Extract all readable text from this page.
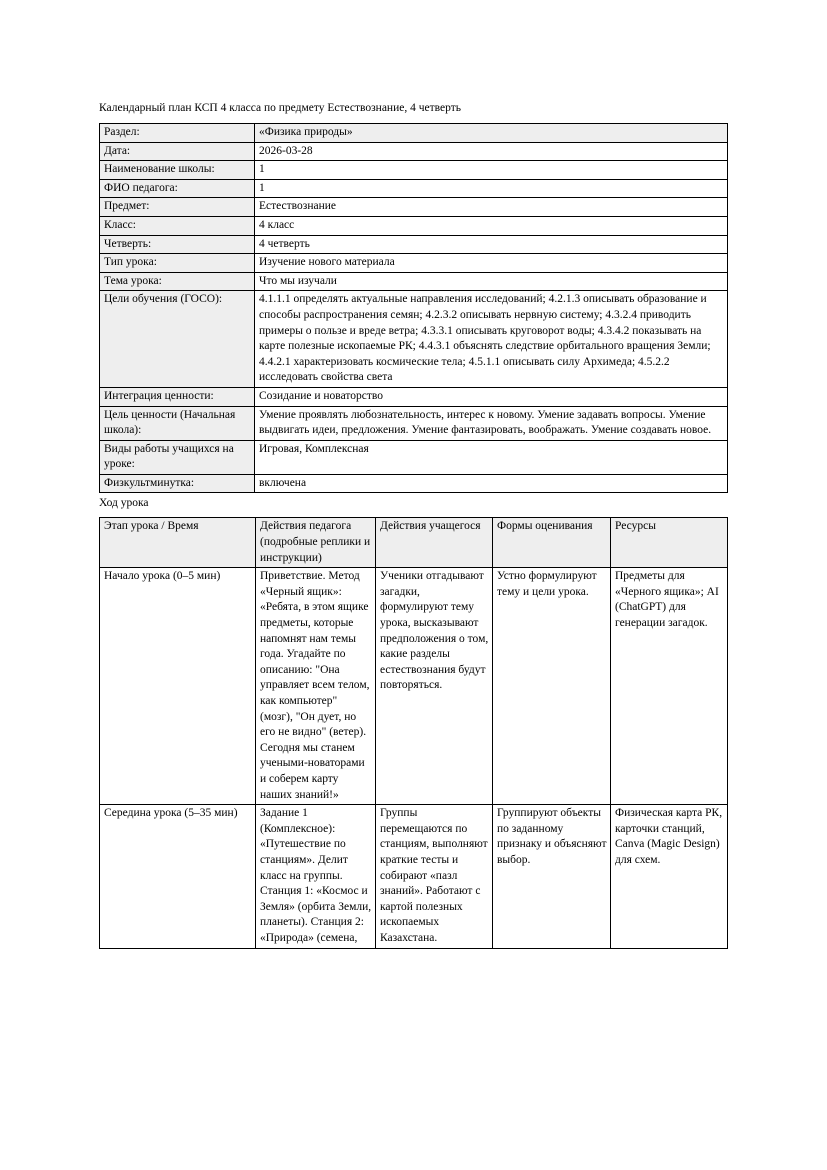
Календарный план КСП 4 класса по предмету Естествознание, 4 четверть
Раздел:	«Физика природы»
Дата:	2026-03-28
Наименование школы:	1
ФИО педагога:	1
Предмет:	Естествознание
Класс:	4 класс
Четверть:	4 четверть
Тип урока:	Изучение нового материала
Тема урока:	Что мы изучали
Цели обучения (ГОСО):	4.1.1.1 определять актуальные направления исследований; 4.2.1.3 описывать образование и способы распространения семян; 4.2.3.2 описывать нервную систему; 4.3.2.4 приводить примеры о пользе и вреде ветра; 4.3.3.1 описывать круговорот воды; 4.3.4.2 показывать на карте полезные ископаемые РК; 4.4.3.1 объяснять следствие орбитального вращения Земли; 4.4.2.1 характеризовать космические тела; 4.5.1.1 описывать силу Архимеда; 4.5.2.2 исследовать свойства света
Интеграция ценности:	Созидание и новаторство
Цель ценности (Начальная школа):	Умение проявлять любознательность, интерес к новому. Умение задавать вопросы. Умение выдвигать идеи, предложения. Умение фантазировать, воображать. Умение создавать новое.
Виды работы учащихся на уроке:	Игровая, Комплексная
Физкультминутка:	включена
Ход урока
Этап урока / Время	Действия педагога (подробные реплики и инструкции)	Действия учащегося	Формы оценивания	Ресурсы
Начало урока (0–5 мин)	Приветствие. Метод «Черный ящик»: «Ребята, в этом ящике предметы, которые напомнят нам темы года. Угадайте по описанию: "Она управляет всем телом, как компьютер" (мозг), "Он дует, но его не видно" (ветер). Сегодня мы станем учеными-новаторами и соберем карту наших знаний!»	Ученики отгадывают загадки, формулируют тему урока, высказывают предположения о том, какие разделы естествознания будут повторяться.	Устно формулируют тему и цели урока.	Предметы для «Черного ящика»; AI (ChatGPT) для генерации загадок.
Середина урока (5–35 мин)	Задание 1 (Комплексное): «Путешествие по станциям». Делит класс на группы. Станция 1: «Космос и Земля» (орбита Земли, планеты). Станция 2: «Природа» (семена,	Группы перемещаются по станциям, выполняют краткие тесты и собирают «пазл знаний». Работают с картой полезных ископаемых Казахстана.	Группируют объекты по заданному признаку и объясняют выбор.	Физическая карта РК, карточки станций, Canva (Magic Design) для схем.
